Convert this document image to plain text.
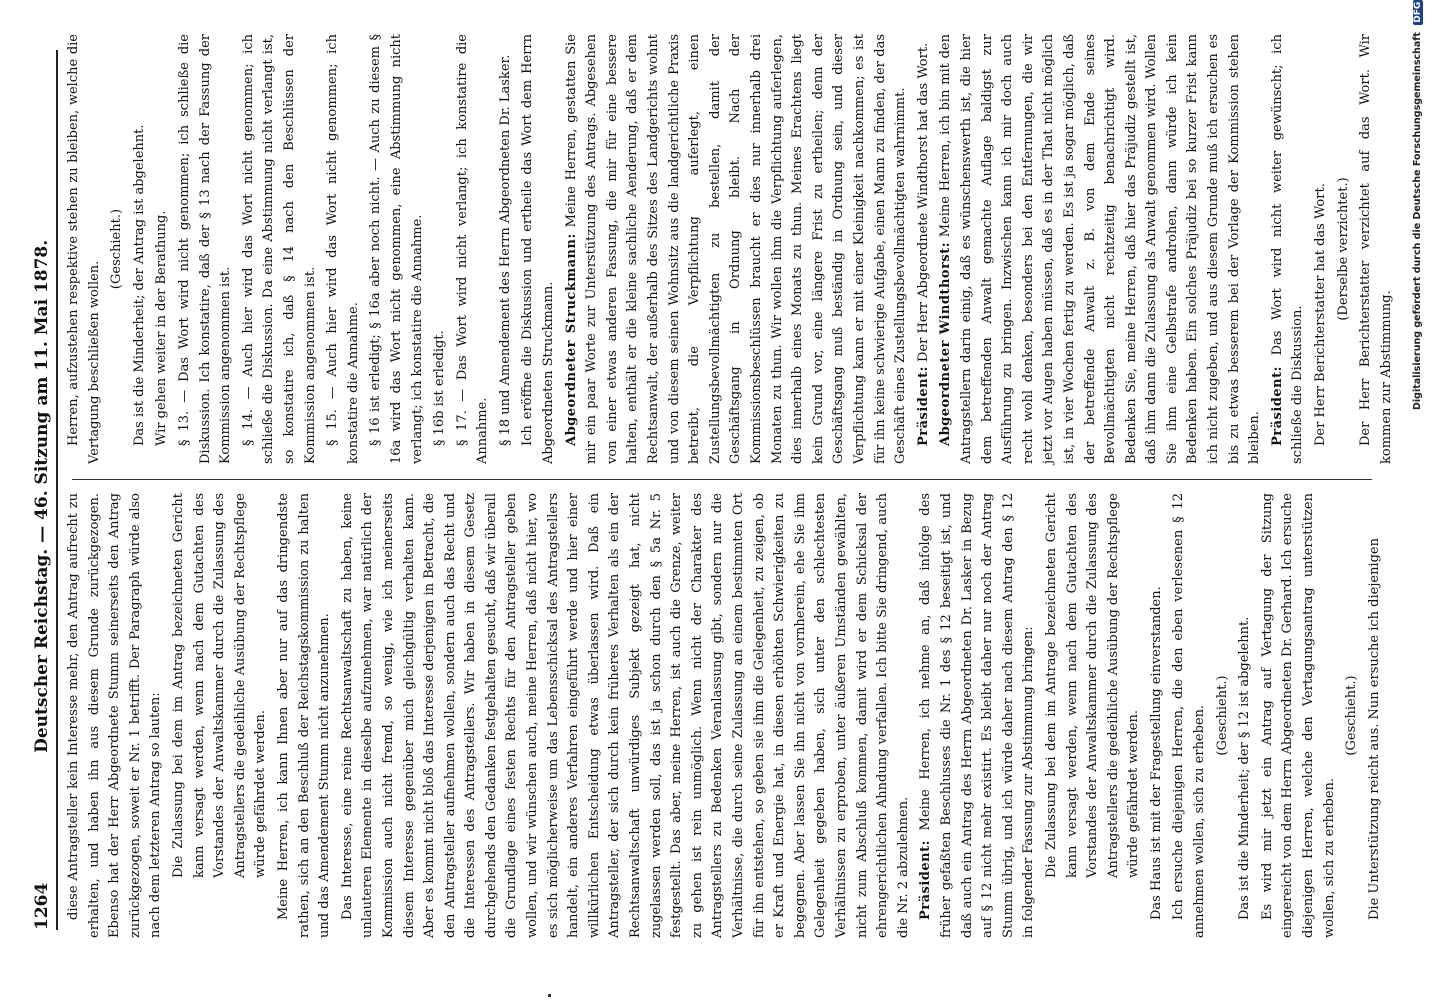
1264
Deutscher Reichstag. — 46. Sitzung am 11. Mai 1878. diese Antragsteller kein Interesse mehr, den Antrag aufrecht zu erhalten, und haben ihn aus diesem Grunde zurückgezogen. Ebenso hat der Herr Abgeordnete Stumm seinerseits den Antrag zurückgezogen, soweit er Nr. 1 betrifft. Der Paragraph würde also nach dem letzteren Antrag so lauten: Die Zulassung bei dem im Antrag bezeichneten Gericht kann versagt werden, wenn nach dem Gutachten des Vorstandes der Anwaltskammer durch die Zulassung des Antragstellers die gedeihliche Ausübung der Rechtspflege würde gefährdet werden. Meine Herren, ich kann Ihnen aber nur auf das dringendste rathen, sich an den Beschluß der Reichstagskommission zu halten und das Amendement Stumm nicht anzunehmen. Das Interesse, eine reine Rechtsanwaltschaft zu haben, keine unlauteren Elemente in dieselbe aufzunehmen, war natürlich der Kommission auch nicht fremd, so wenig, wie ich meinerseits diesem Interesse gegenüber mich gleichgültig verhalten kann. Aber es kommt nicht bloß das Interesse derjenigen in Betracht, die den Antragsteller aufnehmen wollen, sondern auch das Recht und die Interessen des Antragstellers. Wir haben in diesem Gesetz durchgehends den Gedanken festgehalten gesucht, daß wir überall die Grundlage eines festen Rechts für den Antragsteller geben wollen, und wir wünschen auch, meine Herren, daß nicht hier, wo es sich möglicherweise um das Lebensschicksal des Antragstellers handelt, ein anderes Verfahren eingeführt werde und hier einer willkürlichen Entscheidung etwas überlassen wird. Daß ein Antragsteller, der sich durch kein früheres Verhalten als ein der Rechtsanwaltschaft unwürdiges Subjekt gezeigt hat, nicht zugelassen werden soll, das ist ja schon durch den § 5a Nr. 5 festgestellt. Das aber, meine Herren, ist auch die Grenze, weiter zu gehen ist rein unmöglich. Wenn nicht der Charakter des Antragstellers zu Bedenken Veranlassung gibt, sondern nur die Verhältnisse, die durch seine Zulassung an einem bestimmten Ort für ihn entstehen, so geben sie ihm die Gelegenheit, zu zeigen, ob er Kraft und Energie hat, in diesen erhöhten Schwierigkeiten zu begegnen. Aber lassen Sie ihn nicht von vornherein, ehe Sie ihm Gelegenheit gegeben haben, sich unter den schlechtesten Verhältnissen zu erproben, unter äußeren Umständen gewählten, nicht zum Abschluß kommen, damit wird er dem Schicksal der ehrengerichtlichen Ahndung verfallen. Ich bitte Sie dringend, auch die Nr. 2 abzulehnen. Präsident: Meine Herren, ich nehme an, daß infolge des früher gefaßten Beschlusses die Nr. 1 des § 12 beseitigt ist, und daß auch ein Antrag des Herrn Abgeordneten Dr. Lasker in Bezug auf § 12 nicht mehr existirt. Es bleibt daher nur noch der Antrag Stumm übrig, und ich würde daher nach diesem Antrag den § 12 in folgender Fassung zur Abstimmung bringen: Die Zulassung bei dem im Antrage bezeichneten Gericht kann versagt werden, wenn nach dem Gutachten des Vorstandes der Anwaltskammer durch die Zulassung des Antragstellers die gedeihliche Ausübung der Rechtspflege würde gefährdet werden. Das Haus ist mit der Fragestellung einverstanden. Ich ersuche diejenigen Herren, die den eben verlesenen § 12 annehmen wollen, sich zu erheben. (Geschieht.) Das ist die Minderheit; der § 12 ist abgelehnt. Es wird mir jetzt ein Antrag auf Vertagung der Sitzung eingereicht von dem Herrn Abgeordneten Dr. Gerhard. Ich ersuche diejenigen Herren, welche den Vertagungsantrag unterstützen wollen, sich zu erheben.

(Geschieht.) Die Unterstützung reicht aus. Nun ersuche ich diejenigen

Herren, aufzustehen respektive stehen zu bleiben, welche die Vertagung beschließen wollen.

(Geschieht.) Das ist die Minderheit; der Antrag ist abgelehnt. Wir gehen weiter in der Berathung. § 13. — Das Wort wird nicht genommen; ich schließe die Diskussion. Ich konstatire, daß der § 13 nach der Fassung der Kommission angenommen ist. § 14. — Auch hier wird das Wort nicht genommen; ich schließe die Diskussion. Da eine Abstimmung nicht verlangt ist, so konstatire ich, daß § 14 nach den Beschlüssen der Kommission angenommen ist. § 15. — Auch hier wird das Wort nicht genommen; ich konstatire die Annahme. § 16 ist erledigt; § 16a aber noch nicht. — Auch zu diesem § 16a wird das Wort nicht genommen, eine Abstimmung nicht verlangt; ich konstatire die Annahme. § 16b ist erledigt. § 17. — Das Wort wird nicht verlangt; ich konstatire die Annahme. § 18 und Amendement des Herrn Abgeordneten Dr. Lasker. Ich eröffne die Diskussion und ertheile das Wort dem Herrn Abgeordneten Struckmann. Abgeordneter Struckmann: Meine Herren, gestatten Sie mir ein paar Worte zur Unterstützung des Antrags. Abgesehen von einer etwas anderen Fassung, die mir für eine bessere halten, enthält er die kleine sachliche Aenderung, daß er dem Rechtsanwalt, der außerhalb des Sitzes des Landgerichts wohnt und von diesem seinen Wohnsitz aus die landgerichtliche Praxis betreibt, die Verpflichtung auferlegt, einen Zustellungsbevollmächtigten zu bestellen, damit der Geschäftsgang in Ordnung bleibt. Nach der Kommissionsbeschlüssen braucht er dies nur innerhalb drei Monaten zu thun. Wir wollen ihm die Verpflichtung auferlegen, dies innerhalb eines Monats zu thun. Meines Erachtens liegt kein Grund vor, eine längere Frist zu ertheilen; denn der Geschäftsgang muß beständig in Ordnung sein, und dieser Verpflichtung kann er mit einer Kleinigkeit nachkommen; es ist für ihn keine schwierige Aufgabe, einen Mann zu finden, der das Geschäft eines Zustellungsbevollmächtigten wahrnimmt. Präsident: Der Herr Abgeordnete Windthorst hat das Wort. Abgeordneter Windthorst: Meine Herren, ich bin mit den Antragstellern darin einig, daß es wünschenswerth ist, die hier dem betreffenden Anwalt gemachte Auflage baldigst zur Ausführung zu bringen. Inzwischen kann ich mir doch auch recht wohl denken, besonders bei den Entfernungen, die wir jetzt vor Augen haben müssen, daß es in der That nicht möglich ist, in vier Wochen fertig zu werden. Es ist ja sogar möglich, daß der betreffende Anwalt z. B. von dem Ende seines Bevollmächtigten nicht rechtzeitig benachrichtigt wird. Bedenken Sie, meine Herren, daß hier das Präjudiz gestellt ist, daß ihm dann die Zulassung als Anwalt genommen wird. Wollen Sie ihm eine Gelbstrafe androhen, dann würde ich kein Bedenken haben. Ein solches Präjudiz bei so kurzer Frist kann ich nicht zugeben, und aus diesem Grunde muß ich ersuchen es bis zu etwas besserem bei der Vorlage der Kommission stehen bleiben. Präsident: Das Wort wird nicht weiter gewünscht; ich schließe die Diskussion. Der Herr Berichterstatter hat das Wort. (Derselbe verzichtet.) Der Herr Berichterstatter verzichtet auf das Wort. Wir kommen zur Abstimmung.	Digitalisierung gefördert durch die Deutsche Forschungsgemeinschaft DFG
